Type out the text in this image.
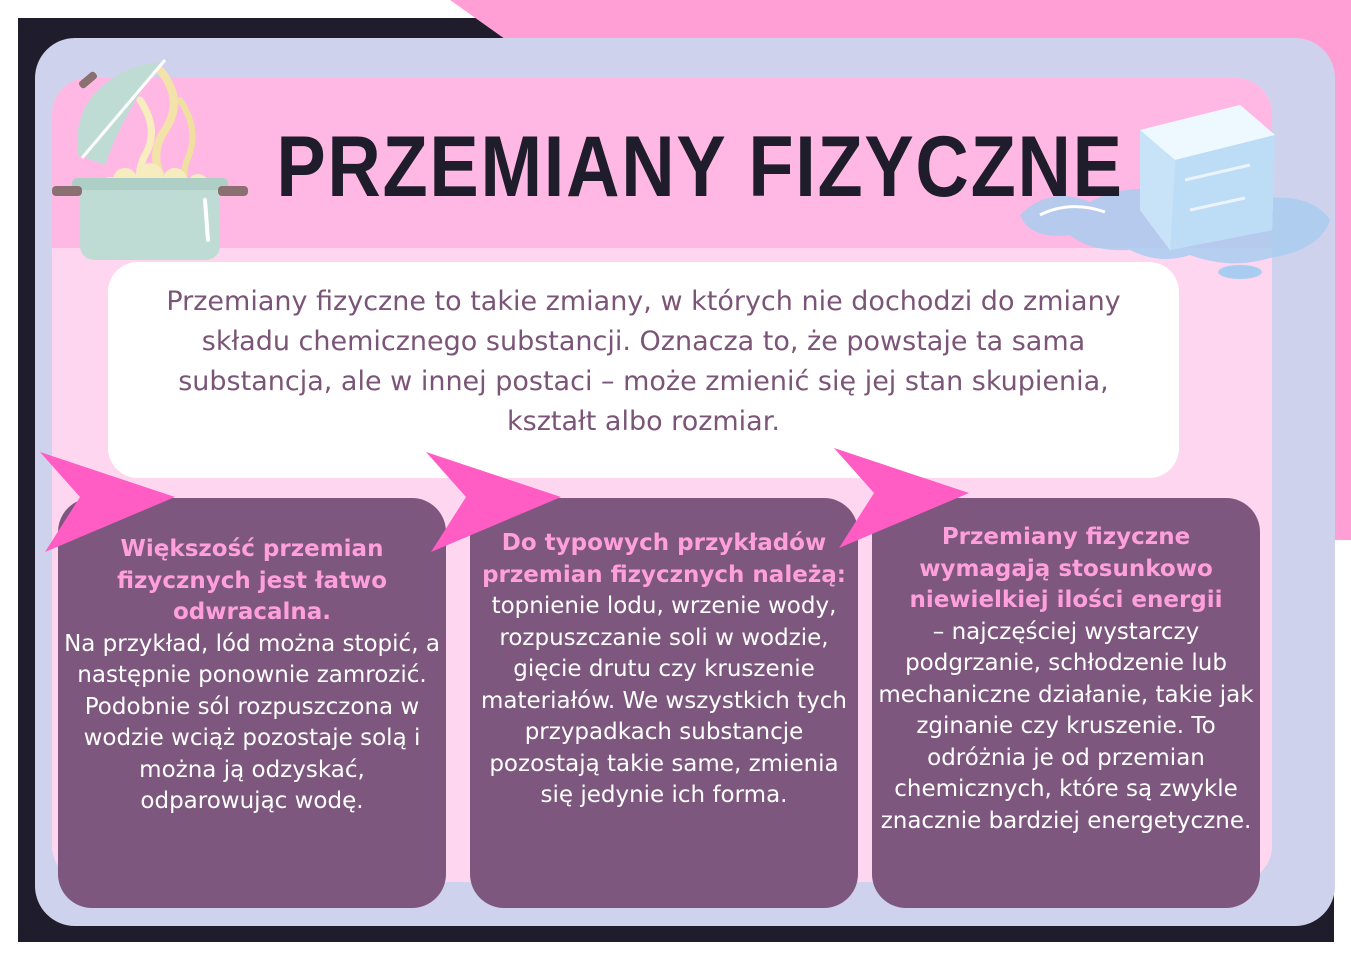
PRZEMIANY FIZYCZNE
Przemiany fizyczne to takie zmiany, w których nie dochodzi do zmiany składu chemicznego substancji. Oznacza to, że powstaje ta sama substancja, ale w innej postaci – może zmienić się jej stan skupienia, kształt albo rozmiar.
Większość przemian fizycznych jest łatwo odwracalna.
Na przykład, lód można stopić, a następnie ponownie zamrozić. Podobnie sól rozpuszczona w wodzie wciąż pozostaje solą i można ją odzyskać, odparowując wodę.
Do typowych przykładów przemian fizycznych należą:
topnienie lodu, wrzenie wody, rozpuszczanie soli w wodzie, gięcie drutu czy kruszenie materiałów. We wszystkich tych przypadkach substancje pozostają takie same, zmienia się jedynie ich forma.
Przemiany fizyczne wymagają stosunkowo niewielkiej ilości energii
– najczęściej wystarczy podgrzanie, schłodzenie lub mechaniczne działanie, takie jak zginanie czy kruszenie. To odróżnia je od przemian chemicznych, które są zwykle znacznie bardziej energetyczne.
